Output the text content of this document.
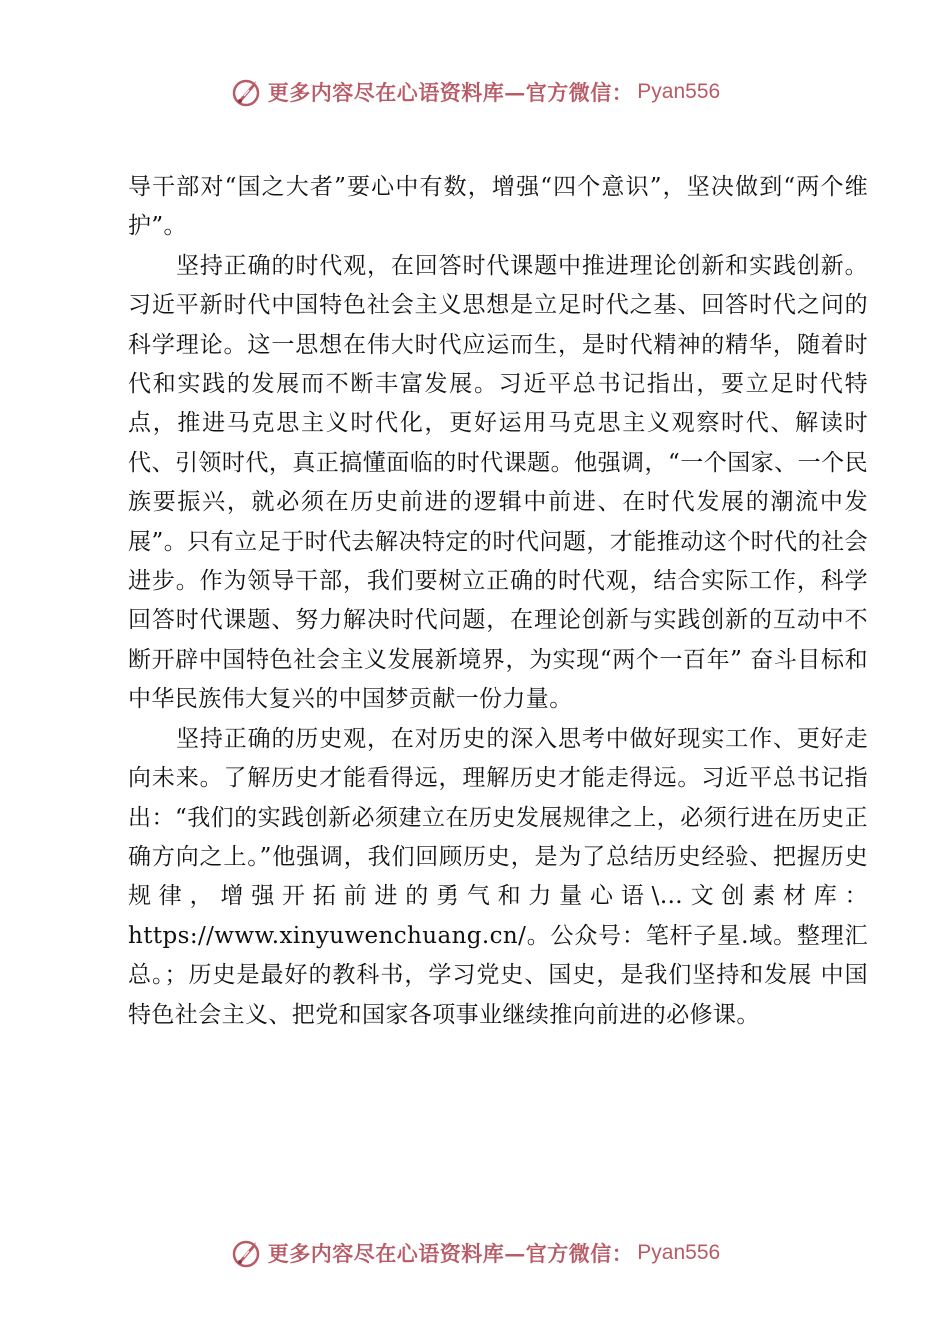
更多内容尽在心语资料库—官方微信： Pyan556

导干部对“国之大者”要心中有数，增强“四个意识”，坚决做到“两个维护”。

坚持正确的时代观，在回答时代课题中推进理论创新和实践创新。习近平新时代中国特色社会主义思想是立足时代之基、回答时代之问的科学理论。这一思想在伟大时代应运而生，是时代精神的精华，随着时代和实践的发展而不断丰富发展。习近平总书记指出，要立足时代特点，推进马克思主义时代化，更好运用马克思主义观察时代、解读时代、引领时代，真正搞懂面临的时代课题。他强调，“一个国家、一个民族要振兴，就必须在历史前进的逻辑中前进、在时代发展的潮流中发展”。只有立足于时代去解决特定的时代问题，才能推动这个时代的社会进步。作为领导干部，我们要树立正确的时代观，结合实际工作，科学回答时代课题、努力解决时代问题，在理论创新与实践创新的互动中不断开辟中国特色社会主义发展新境界，为实现“两个一百年” 奋斗目标和中华民族伟大复兴的中国梦贡献一份力量。

坚持正确的历史观，在对历史的深入思考中做好现实工作、更好走向未来。了解历史才能看得远，理解历史才能走得远。习近平总书记指出：“我们的实践创新必须建立在历史发展规律之上，必须行进在历史正确方向之上。”他强调，我们回顾历史，是为了总结历史经验、把握历史规律，增强开拓前进的勇气和力量心语\…文创素材库：https://www.xinyuwenchuang.cn/。公众号：笔杆子星.域。整理汇总。；历史是最好的教科书，学习党史、国史，是我们坚持和发展 中国特色社会主义、把党和国家各项事业继续推向前进的必修课。

更多内容尽在心语资料库—官方微信： Pyan556
